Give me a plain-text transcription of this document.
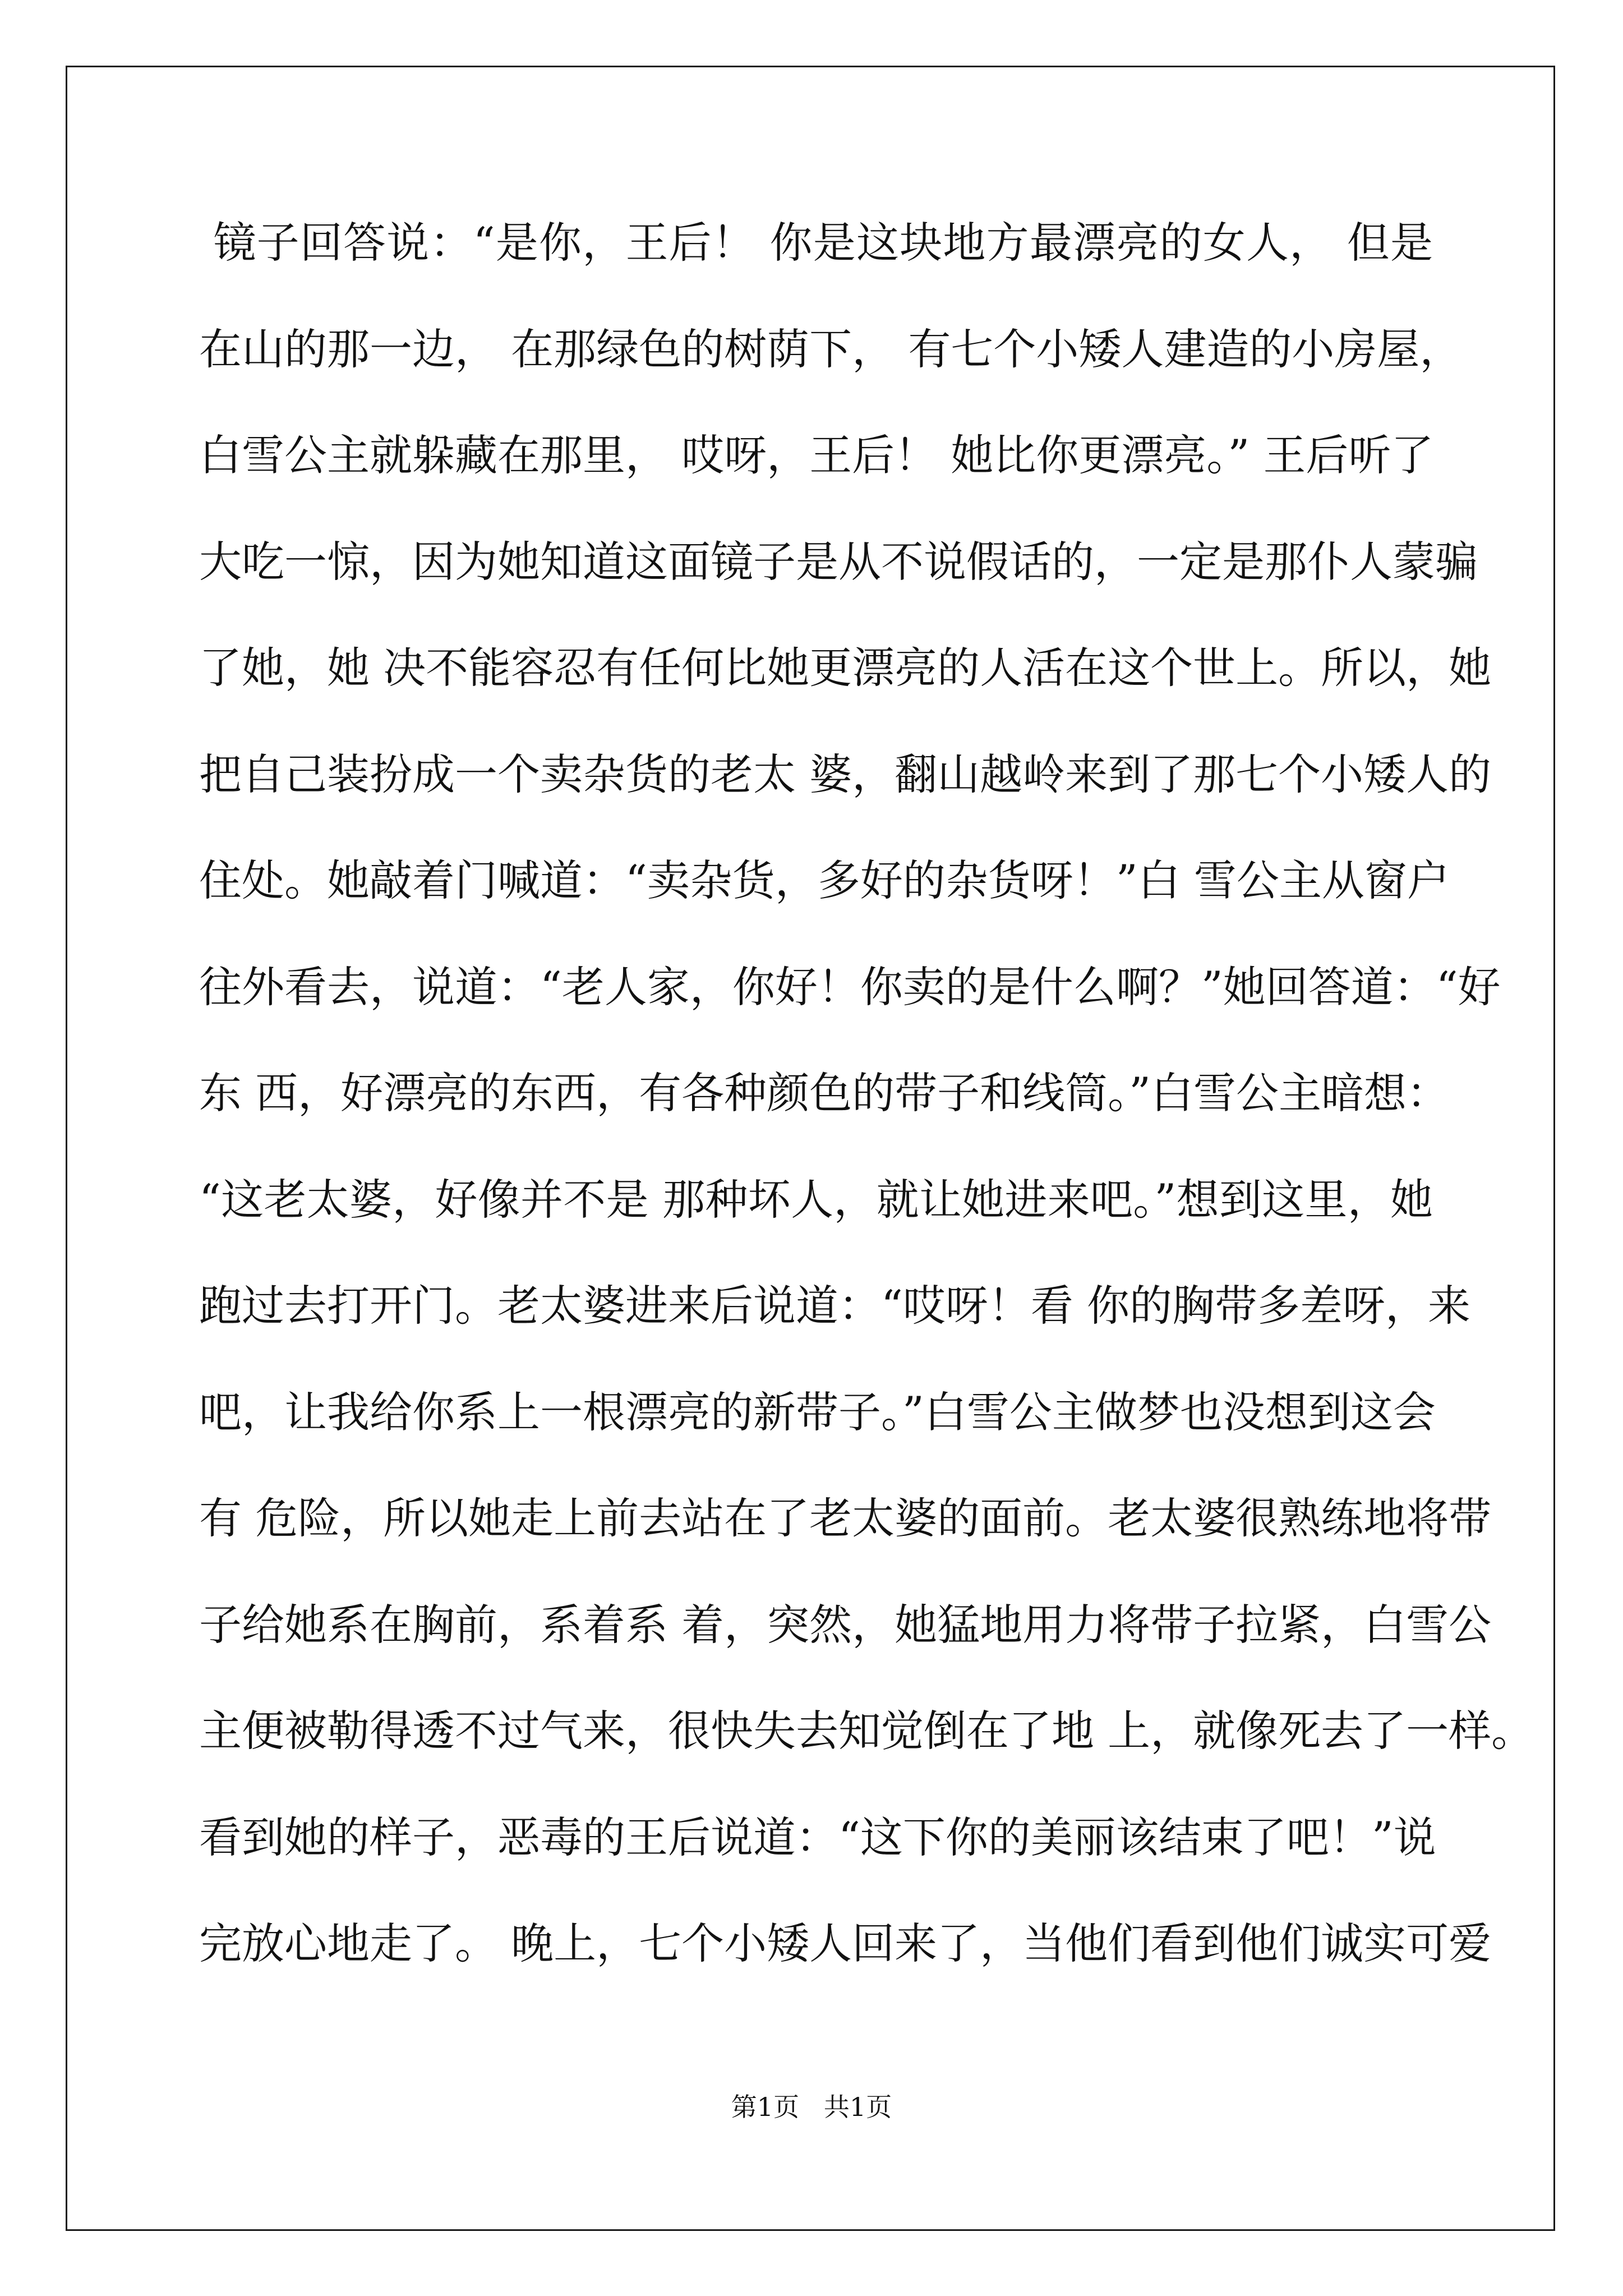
镜子回答说：“是你，王后！ 你是这块地方最漂亮的女人， 但是
在山的那一边， 在那绿色的树荫下， 有七个小矮人建造的小房屋，
白雪公主就躲藏在那里， 哎呀，王后！ 她比你更漂亮。” 王后听了
大吃一惊，因为她知道这面镜子是从不说假话的，一定是那仆人蒙骗
了她，她 决不能容忍有任何比她更漂亮的人活在这个世上。所以，她
把自己装扮成一个卖杂货的老太 婆，翻山越岭来到了那七个小矮人的
住处。她敲着门喊道：“卖杂货，多好的杂货呀！”白 雪公主从窗户
往外看去，说道：“老人家，你好！你卖的是什么啊？”她回答道：“好
东 西，好漂亮的东西，有各种颜色的带子和线筒。”白雪公主暗想：
“这老太婆，好像并不是 那种坏人，就让她进来吧。”想到这里，她
跑过去打开门。老太婆进来后说道：“哎呀！看 你的胸带多差呀，来
吧，让我给你系上一根漂亮的新带子。”白雪公主做梦也没想到这会
有 危险，所以她走上前去站在了老太婆的面前。老太婆很熟练地将带
子给她系在胸前，系着系 着，突然，她猛地用力将带子拉紧，白雪公
主便被勒得透不过气来，很快失去知觉倒在了地 上，就像死去了一样。
看到她的样子，恶毒的王后说道：“这下你的美丽该结束了吧！”说
完放心地走了。 晚上，七个小矮人回来了，当他们看到他们诚实可爱
第1页   共1页
